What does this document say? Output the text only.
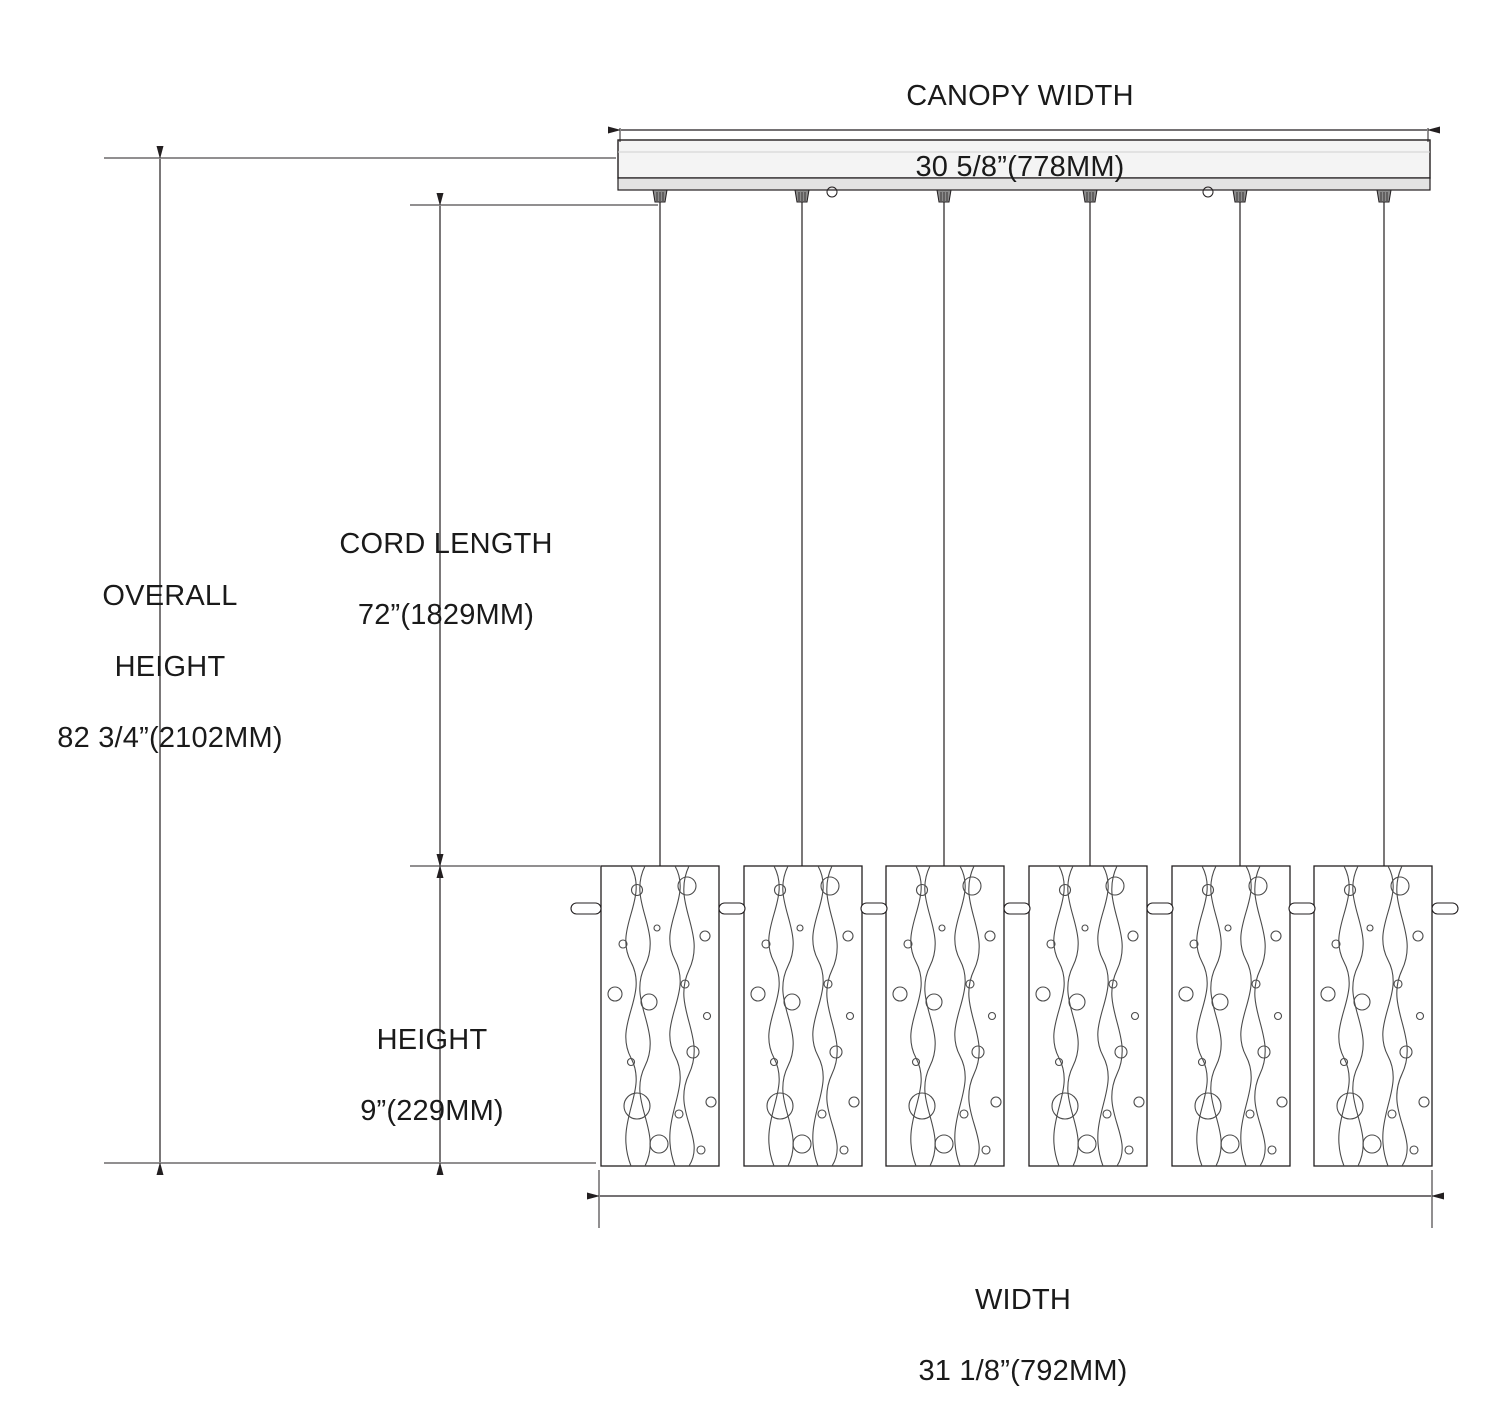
CANOPY WIDTH

30 5/8”(778MM)

CORD LENGTH

72”(1829MM)

OVERALL

HEIGHT

82 3/4”(2102MM)

HEIGHT

9”(229MM)

WIDTH

31 1/8”(792MM)
